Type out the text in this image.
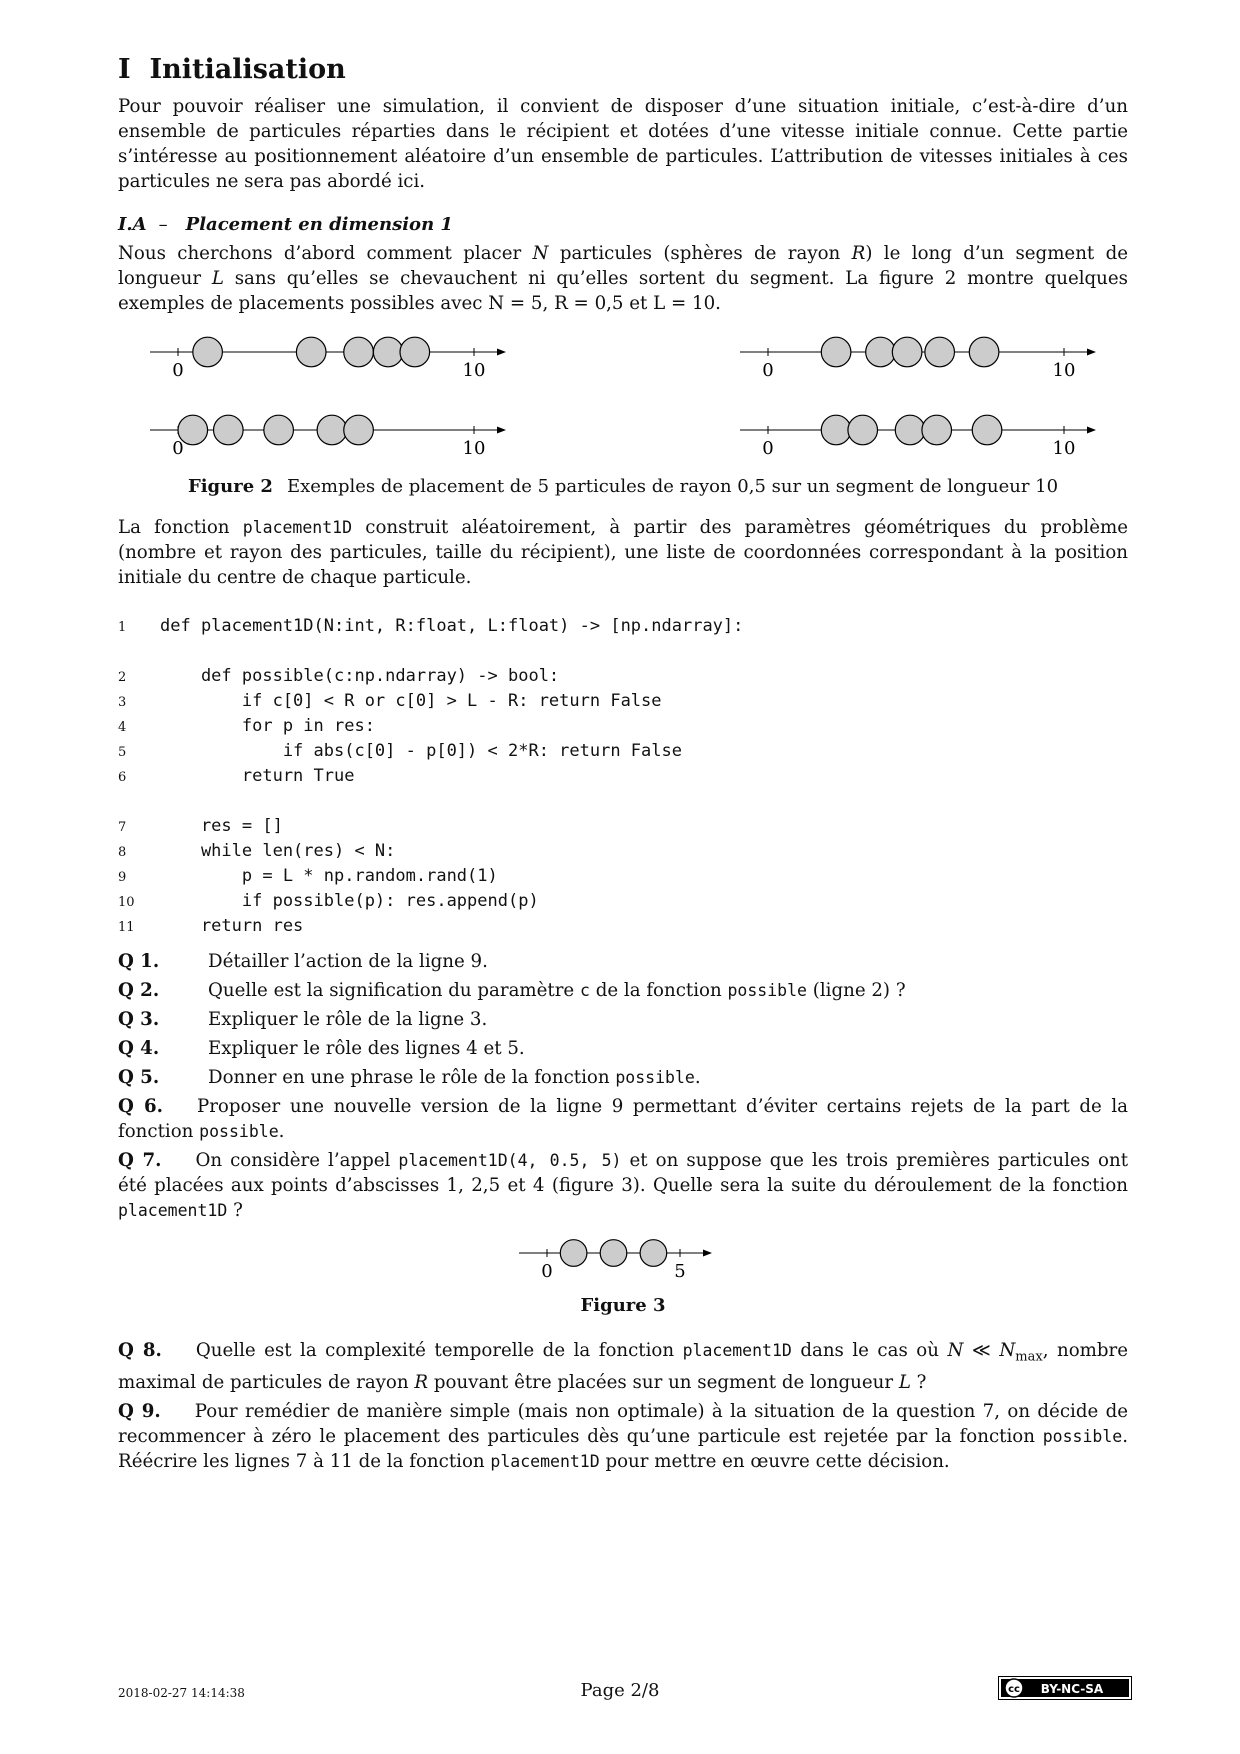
I Initialisation

Pour pouvoir réaliser une simulation, il convient de disposer d’une situation initiale, c’est-à-dire d’un ensemble de particules réparties dans le récipient et dotées d’une vitesse initiale connue. Cette partie s’intéresse au positionnement aléatoire d’un ensemble de particules. L’attribution de vitesses initiales à ces particules ne sera pas abordé ici.

I.A – Placement en dimension 1

Nous cherchons d’abord comment placer N particules (sphères de rayon R) le long d’un segment de longueur L sans qu’elles se chevauchent ni qu’elles sortent du segment. La figure 2 montre quelques exemples de placements possibles avec N = 5, R = 0,5 et L = 10.

0	10	0	10
0	10	0	10

Figure 2 Exemples de placement de 5 particules de rayon 0,5 sur un segment de longueur 10

La fonction placement1D construit aléatoirement, à partir des paramètres géométriques du problème (nombre et rayon des particules, taille du récipient), une liste de coordonnées correspondant à la position initiale du centre de chaque particule.

1	def placement1D(N:int, R:float, L:float) -> [np.ndarray]:
2	def possible(c:np.ndarray) -> bool:
3	if c[0] < R or c[0] > L - R: return False
4	for p in res:
5	if abs(c[0] - p[0]) < 2*R: return False
6	return True
7	res = []
8	while len(res) < N:
9	p = L * np.random.rand(1)
10	if possible(p): res.append(p)
11	return res

Q 1.	Détailler l’action de la ligne 9.

Q 2.	Quelle est la signification du paramètre c de la fonction possible (ligne 2) ?

Q 3.	Expliquer le rôle de la ligne 3.

Q 4.	Expliquer le rôle des lignes 4 et 5.

Q 5.	Donner en une phrase le rôle de la fonction possible.

Q 6. Proposer une nouvelle version de la ligne 9 permettant d’éviter certains rejets de la part de la fonction possible.

Q 7. On considère l’appel placement1D(4, 0.5, 5) et on suppose que les trois premières particules ont été placées aux points d’abscisses 1, 2,5 et 4 (figure 3). Quelle sera la suite du déroulement de la fonction placement1D ?

0	5

Figure 3

Q 8. Quelle est la complexité temporelle de la fonction placement1D dans le cas où N ≪ $N_{max}$, nombre maximal de particules de rayon R pouvant être placées sur un segment de longueur L ?

Q 9. Pour remédier de manière simple (mais non optimale) à la situation de la question 7, on décide de recommencer à zéro le placement des particules dès qu’une particule est rejetée par la fonction possible. Réécrire les lignes 7 à 11 de la fonction placement1D pour mettre en œuvre cette décision.

2018-02-27 14:14:38	Page 2/8	cc BY-NC-SA
